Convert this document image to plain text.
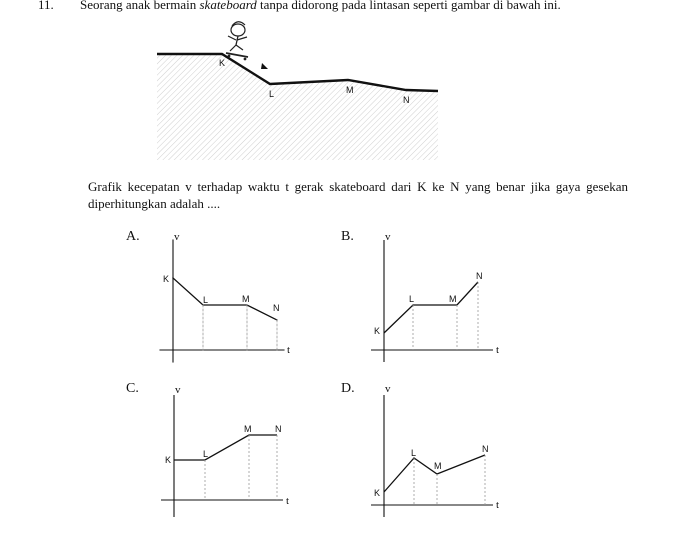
11. Seorang anak bermain skateboard tanpa didorong pada lintasan seperti gambar di bawah ini.
K
L	M
N
v
t
K
L	M
N
v
t
K
L	M
N
v
t
K
L
M	N
v
t
K
L
M
N
Grafik kecepatan v terhadap waktu t gerak skateboard dari K ke N yang benar jika gaya gesekan diperhitungkan adalah ....
A.	B.
C.	D.
